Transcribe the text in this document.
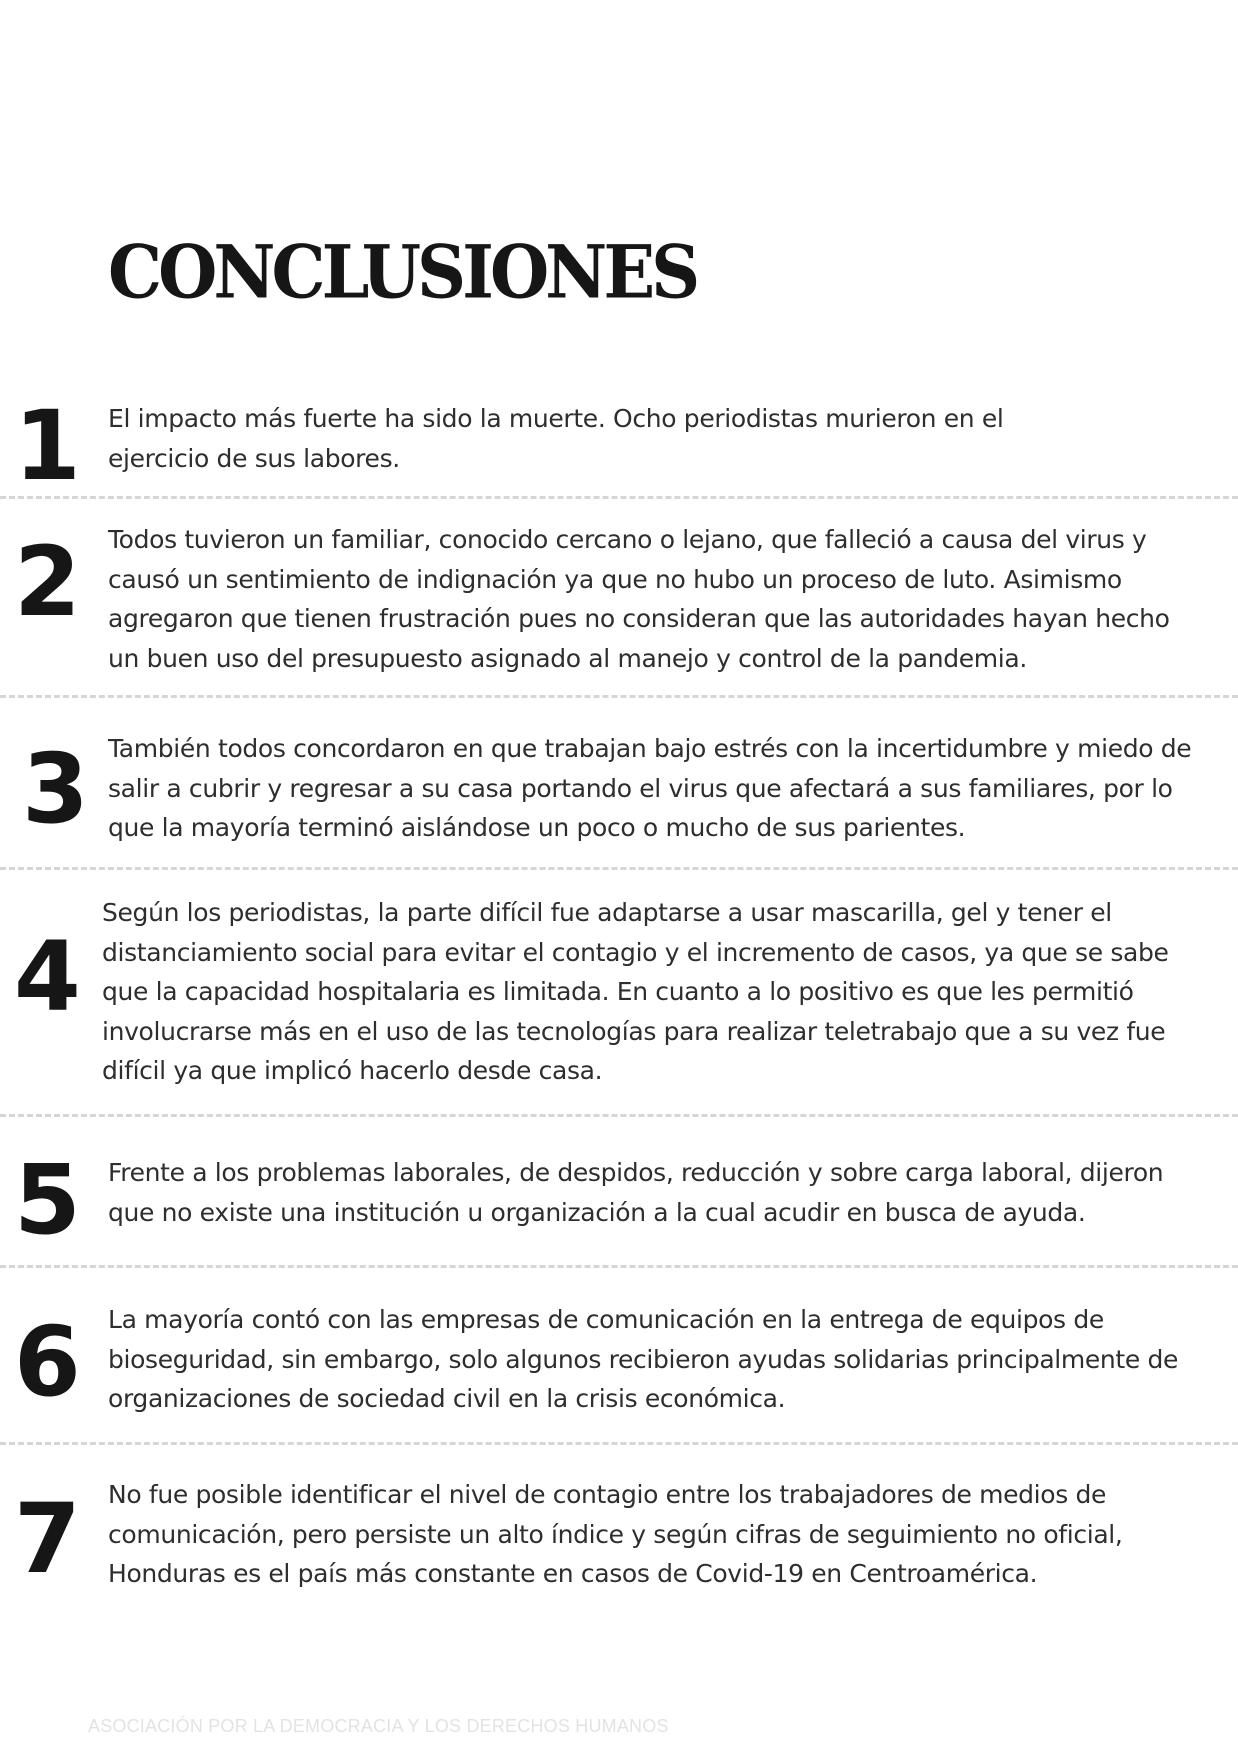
CONCLUSIONES
1 El impacto más fuerte ha sido la muerte. Ocho periodistas murieron en el ejercicio de sus labores.

2 Todos tuvieron un familiar, conocido cercano o lejano, que falleció a causa del virus y causó un sentimiento de indignación ya que no hubo un proceso de luto. Asimismo agregaron que tienen frustración pues no consideran que las autoridades hayan hecho un buen uso del presupuesto asignado al manejo y control de la pandemia.

3 También todos concordaron en que trabajan bajo estrés con la incertidumbre y miedo de salir a cubrir y regresar a su casa portando el virus que afectará a sus familiares, por lo que la mayoría terminó aislándose un poco o mucho de sus parientes.

4

Según los periodistas, la parte difícil fue adaptarse a usar mascarilla, gel y tener el distanciamiento social para evitar el contagio y el incremento de casos, ya que se sabe que la capacidad hospitalaria es limitada. En cuanto a lo positivo es que les permitió involucrarse más en el uso de las tecnologías para realizar teletrabajo que a su vez fue difícil ya que implicó hacerlo desde casa.

5 Frente a los problemas laborales, de despidos, reducción y sobre carga laboral, dijeron que no existe una institución u organización a la cual acudir en busca de ayuda.

6 La mayoría contó con las empresas de comunicación en la entrega de equipos de bioseguridad, sin embargo, solo algunos recibieron ayudas solidarias principalmente de organizaciones de sociedad civil en la crisis económica.

7 No fue posible identificar el nivel de contagio entre los trabajadores de medios de comunicación, pero persiste un alto índice y según cifras de seguimiento no oficial, Honduras es el país más constante en casos de Covid-19 en Centroamérica.

ASOCIACIÓN POR LA DEMOCRACIA Y LOS DERECHOS HUMANOS
